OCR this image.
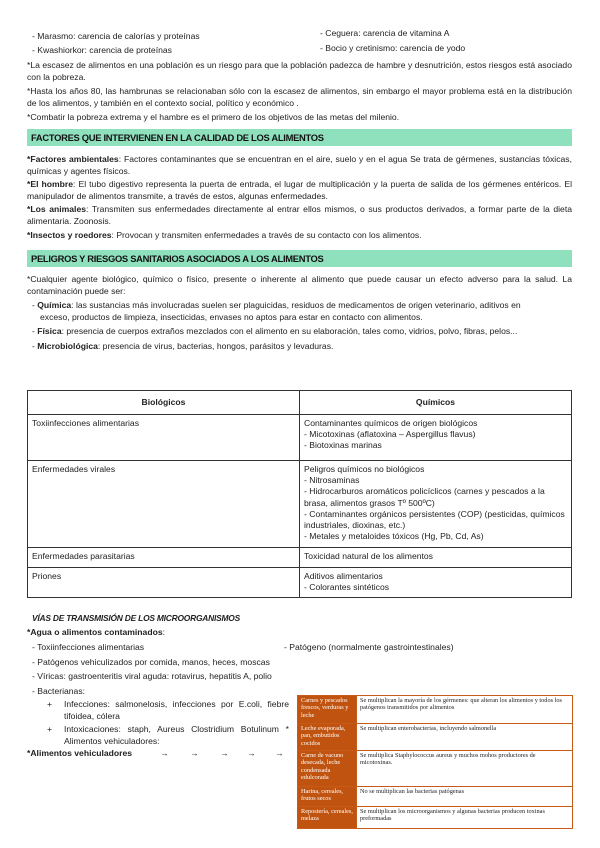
- Marasmo: carencia de calorías y proteínas
- Kwashiorkor: carencia de proteínas
- Ceguera: carencia de vitamina A
- Bocio y cretinismo: carencia de yodo
*La escasez de alimentos en una población es un riesgo para que la población padezca de hambre y desnutrición, estos riesgos está asociado con la pobreza.
*Hasta los años 80, las hambrunas se relacionaban sólo con la escasez de alimentos, sin embargo el mayor problema está en la distribución de los alimentos, y también en el contexto social, político y económico .
*Combatir la pobreza extrema y el hambre es el primero de los objetivos de las metas del milenio.
FACTORES QUE INTERVIENEN EN LA CALIDAD DE LOS ALIMENTOS
*Factores ambientales: Factores contaminantes que se encuentran en el aire, suelo y en el agua Se trata de gérmenes, sustancias tóxicas, químicas y agentes físicos.
*El hombre: El tubo digestivo representa la puerta de entrada, el lugar de multiplicación y la puerta de salida de los gérmenes entéricos. El manipulador de alimentos transmite, a través de estos, algunas enfermedades.
*Los animales: Transmiten sus enfermedades directamente al entrar ellos mismos, o sus productos derivados, a formar parte de la dieta alimentaria. Zoonosis.
*Insectos y roedores: Provocan y transmiten enfermedades a través de su contacto con los alimentos.
PELIGROS Y RIESGOS SANITARIOS ASOCIADOS A LOS ALIMENTOS
*Cualquier agente biológico, químico o físico, presente o inherente al alimento que puede causar un efecto adverso para la salud. La contaminación puede ser:
- Química: las sustancias más involucradas suelen ser plaguicidas, residuos de medicamentos de origen veterinario, aditivos en exceso, productos de limpieza, insecticidas, envases no aptos para estar en contacto con alimentos.
- Física: presencia de cuerpos extraños mezclados con el alimento en su elaboración, tales como, vidrios, polvo, fibras, pelos...
- Microbiológica: presencia de virus, bacterias, hongos, parásitos y levaduras.
Biológicos	Químicos
Toxiinfecciones alimentarias	Contaminantes químicos de origen biológicos
- Micotoxinas (aflatoxina – Aspergillus flavus)
- Biotoxinas marinas

Enfermedades virales	Peligros químicos no biológicos
- Nitrosaminas
- Hidrocarburos aromáticos policíclicos (carnes y pescados a la brasa, alimentos grasos Tº 500ºC)
- Contaminantes orgánicos persistentes (COP) (pesticidas, químicos industriales, dioxinas, etc.)
- Metales y metaloides tóxicos (Hg, Pb, Cd, As)

Enfermedades parasitarias	Toxicidad natural de los alimentos

Priones	Aditivos alimentarios
- Colorantes sintéticos
VÍAS DE TRANSMISIÓN DE LOS MICROORGANISMOS
*Agua o alimentos contaminados:
- Toxiinfecciones alimentarias
- Patógenos vehiculizados por comida, manos, heces, moscas
- Víricas: gastroenteritis viral aguda: rotavirus, hepatitis A, polio
- Bacterianas:
- Patógeno (normalmente gastrointestinales)
+ Infecciones: salmonelosis, infecciones por E.coli, fiebre tifoidea, cólera
+ Intoxicaciones: staph, Aureus Clostridium Botulinum * Alimentos vehiculadores:
*Alimentos vehiculadores	→ → → → →
Carnes y pescados frescos, verduras y leche	Se multiplican la mayoría de los gérmenes: que alteran los alimentos y todos los patógenos transmitidos por alimentos
Leche evaporada, pan, embutidos cocidos	Se multiplican enterobacterias, incluyendo salmonella
Carne de vacuno desecada, leche condensada edulcorada	Se multiplica Staphylococcus aureus y muchos mohos productores de micotoxinas.
Harina, cereales, frutos secos	No se multiplican las bacterias patógenas
Repostería, cereales, melaza	Se multiplican los microorganismos y algunas bacterias producen toxinas preformadas
